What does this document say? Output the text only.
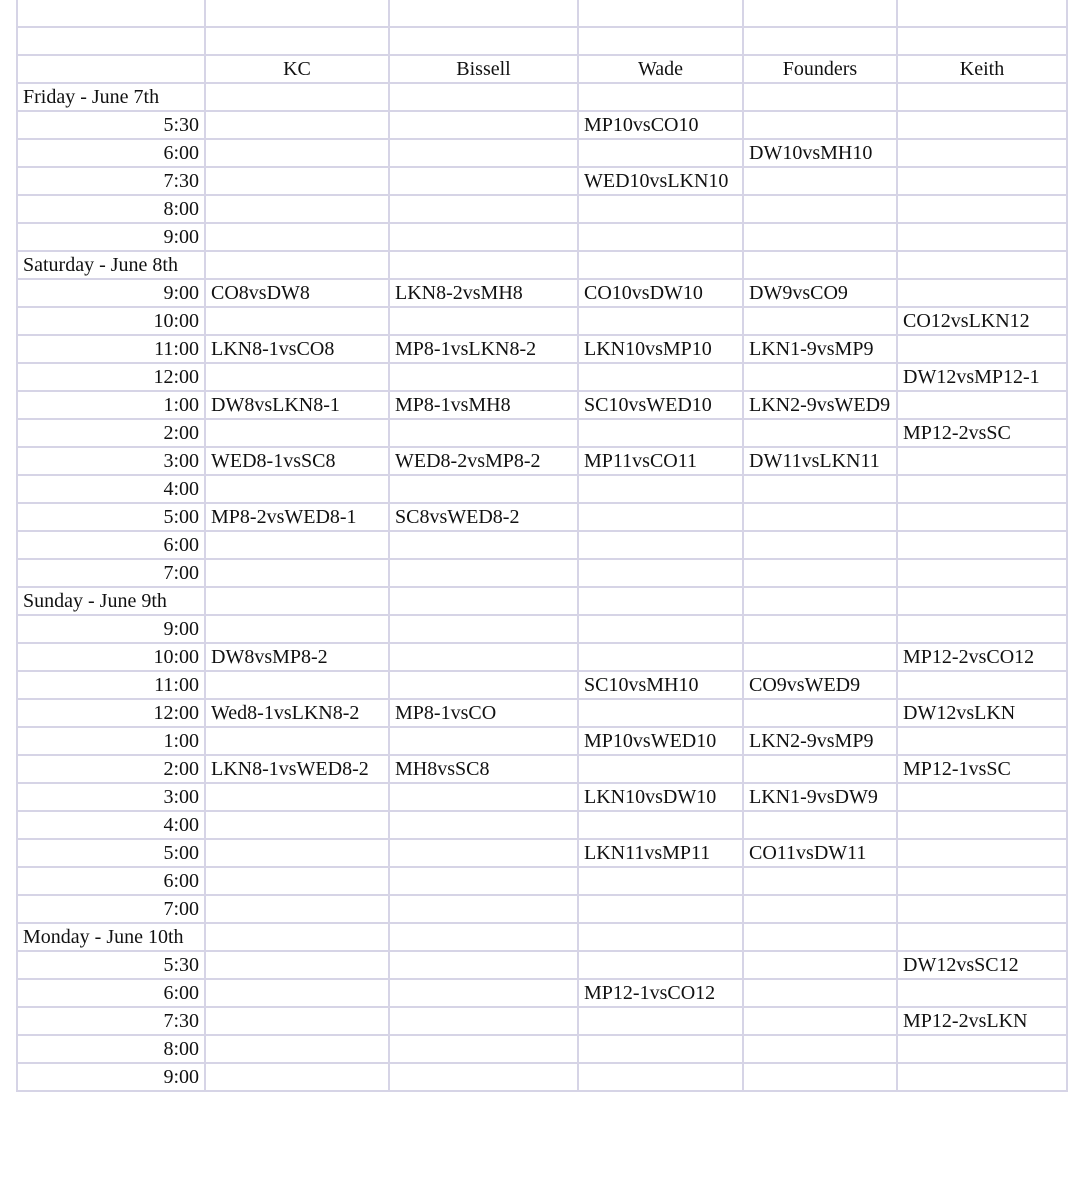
	KC	Bissell	Wade	Founders	Keith
Friday - June 7th					
5:30			MP10vsCO10		
6:00				DW10vsMH10	
7:30			WED10vsLKN10		
8:00					
9:00					
Saturday - June 8th					
9:00	CO8vsDW8	LKN8-2vsMH8	CO10vsDW10	DW9vsCO9	
10:00					CO12vsLKN12
11:00	LKN8-1vsCO8	MP8-1vsLKN8-2	LKN10vsMP10	LKN1-9vsMP9	
12:00					DW12vsMP12-1
1:00	DW8vsLKN8-1	MP8-1vsMH8	SC10vsWED10	LKN2-9vsWED9	
2:00					MP12-2vsSC
3:00	WED8-1vsSC8	WED8-2vsMP8-2	MP11vsCO11	DW11vsLKN11	
4:00					
5:00	MP8-2vsWED8-1	SC8vsWED8-2			
6:00					
7:00					
Sunday - June 9th					
9:00					
10:00	DW8vsMP8-2				MP12-2vsCO12
11:00			SC10vsMH10	CO9vsWED9	
12:00	Wed8-1vsLKN8-2	MP8-1vsCO			DW12vsLKN
1:00			MP10vsWED10	LKN2-9vsMP9	
2:00	LKN8-1vsWED8-2	MH8vsSC8			MP12-1vsSC
3:00			LKN10vsDW10	LKN1-9vsDW9	
4:00					
5:00			LKN11vsMP11	CO11vsDW11	
6:00					
7:00					
Monday - June 10th					
5:30					DW12vsSC12
6:00			MP12-1vsCO12		
7:30					MP12-2vsLKN
8:00					
9:00					
